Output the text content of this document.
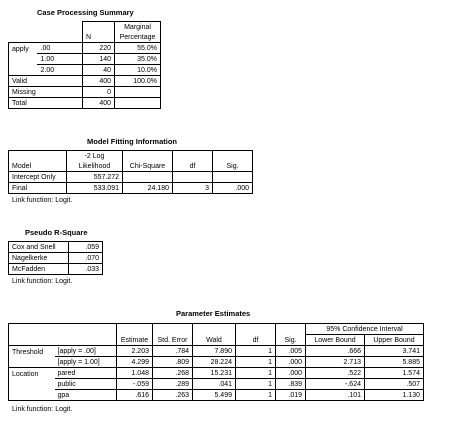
Case Processing Summary
			Marginal
		N	Percentage
apply	.00	220	55.0%
	1.00	140	35.0%
	2.00	40	10.0%
Valid		400	100.0%
Missing		0	
Total		400	
Model Fitting Information
	-2 Log			
Model	Likelihood	Chi-Square	df	Sig.
Intercept Only	557.272			
Final	533.091	24.180	3	.000
Link function: Logit.
Pseudo R-Square
Cox and Snell	.059
Nagelkerke	.070
McFadden	.033
Link function: Logit.
Parameter Estimates
							95% Confidence Interval	
		Estimate	Std. Error	Wald	df	Sig.	Lower Bound	Upper Bound
Threshold	[apply = .00]	2.203	.784	7.890	1	.005	.666	3.741
	[apply = 1.00]	4.299	.809	28.224	1	.000	2.713	5.885
Location	pared	1.048	.268	15.231	1	.000	.522	1.574
	public	-.059	.289	.041	1	.839	-.624	.507
	gpa	.616	.263	5.499	1	.019	.101	1.130
Link function: Logit.
